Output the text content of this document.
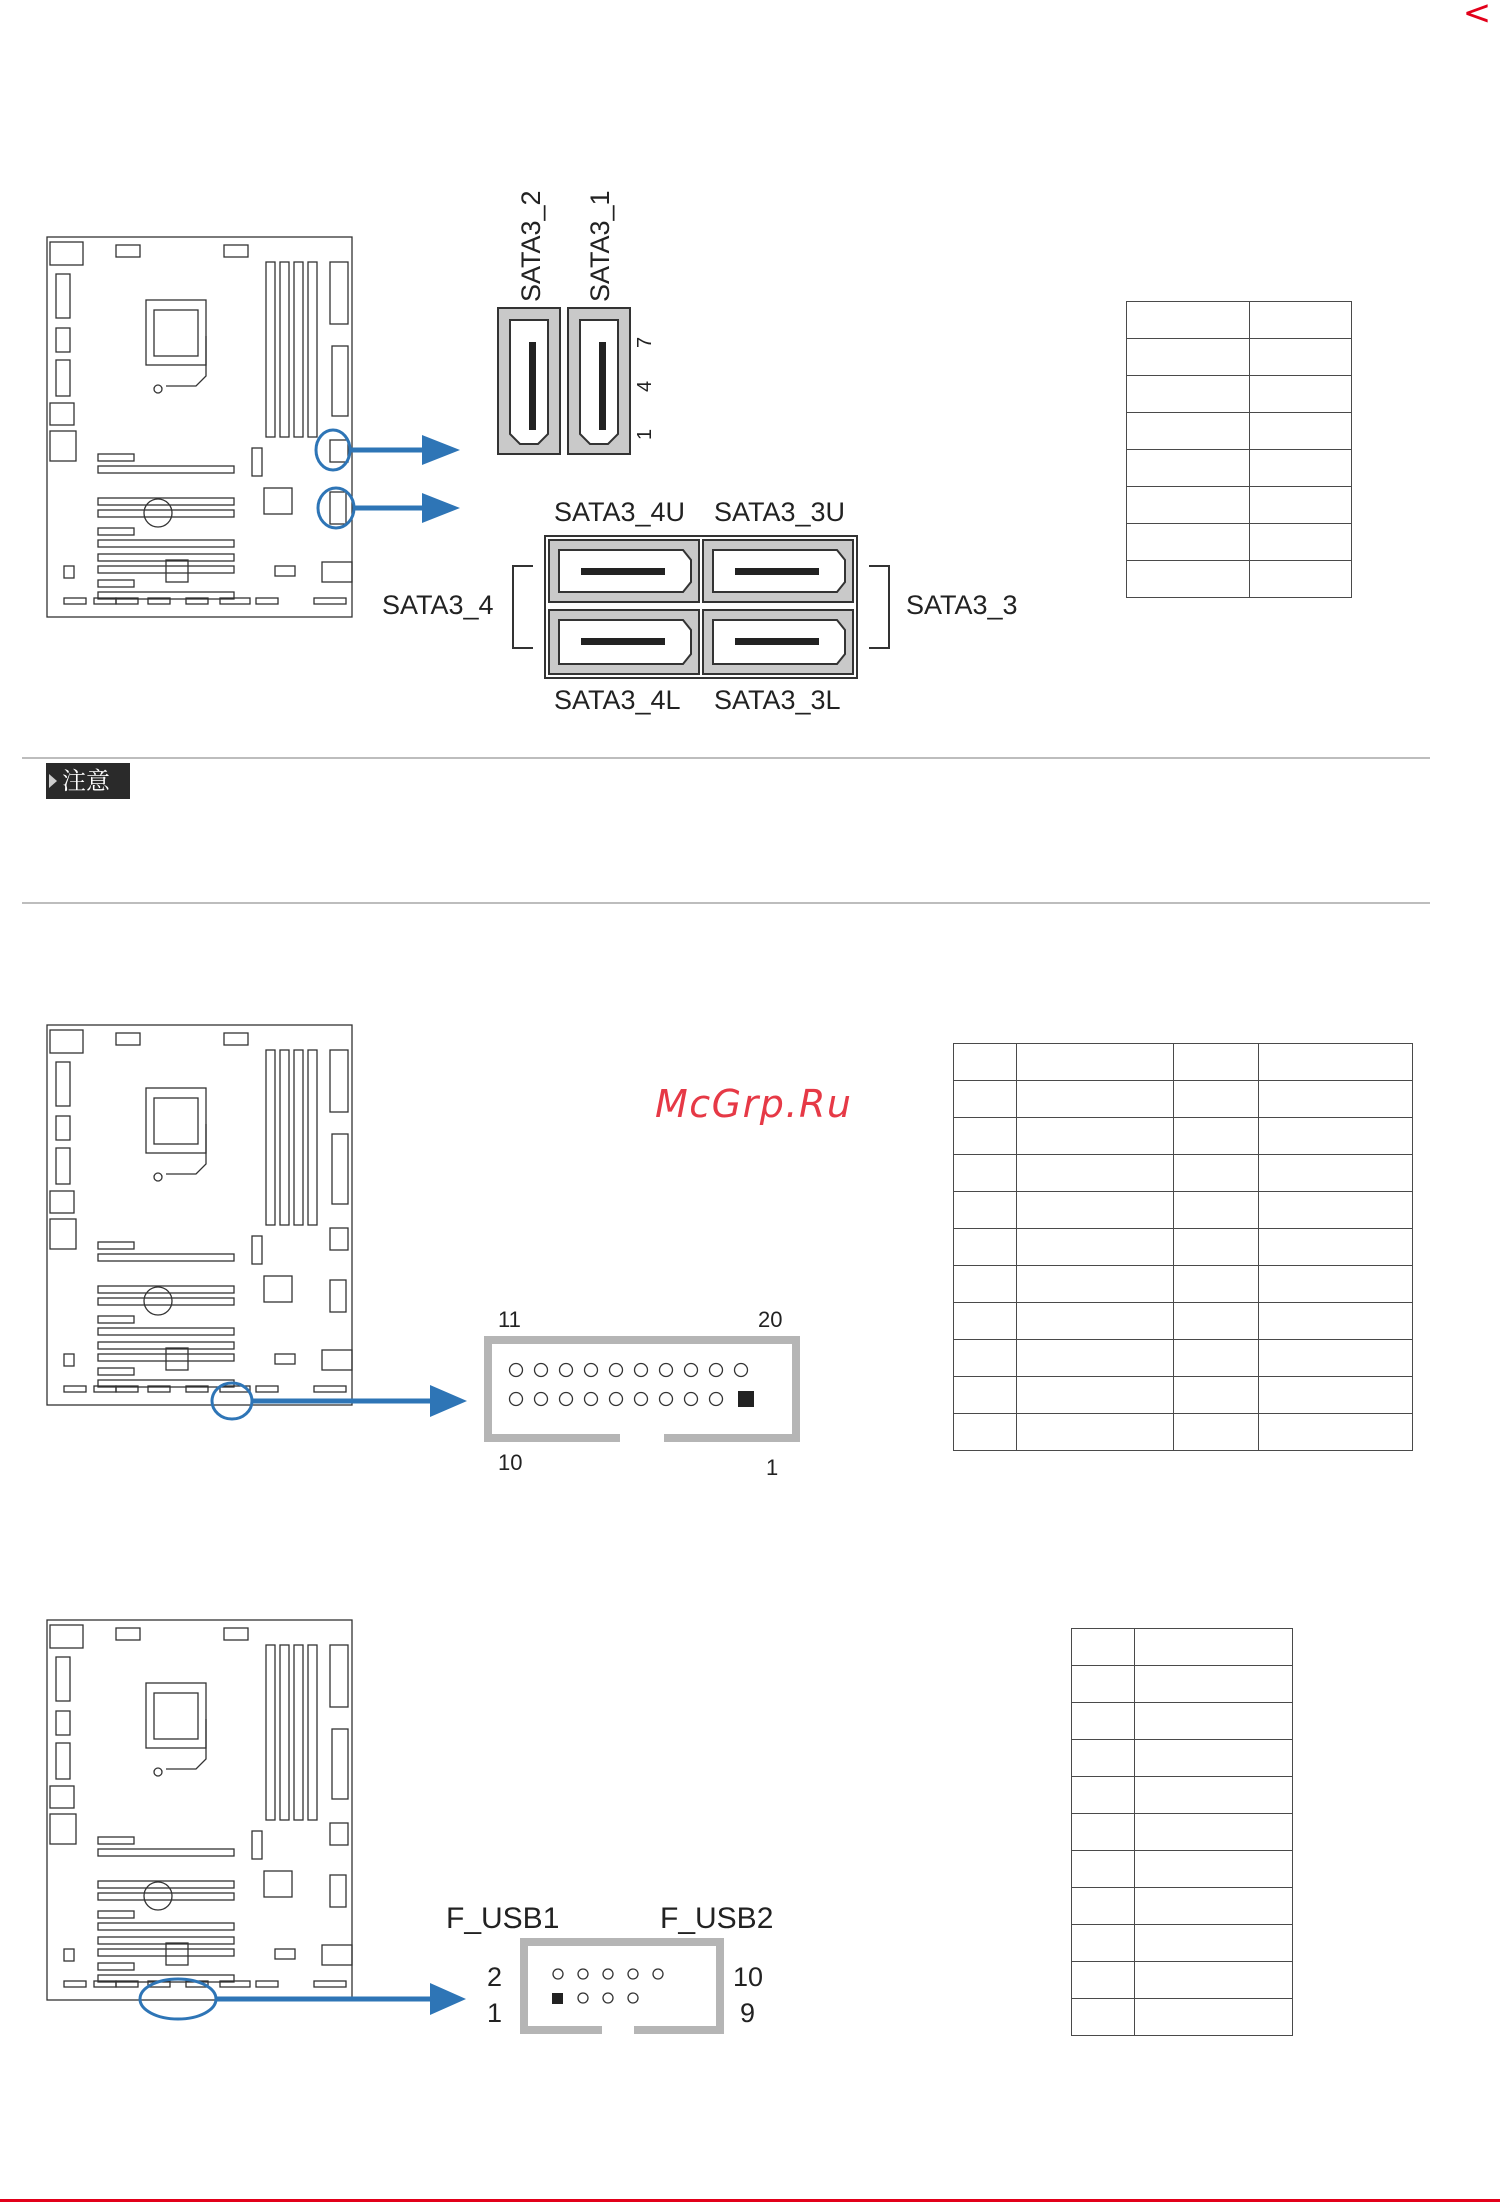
<
SATA3_2 SATA3_1
7
4
1
SATA3_4U SATA3_3U
SATA3_4	SATA3_3
SATA3_4L SATA3_3L

注意
McGrp.Ru
11	20
10	1

F_USB1	F_USB2
2
1
10
9
